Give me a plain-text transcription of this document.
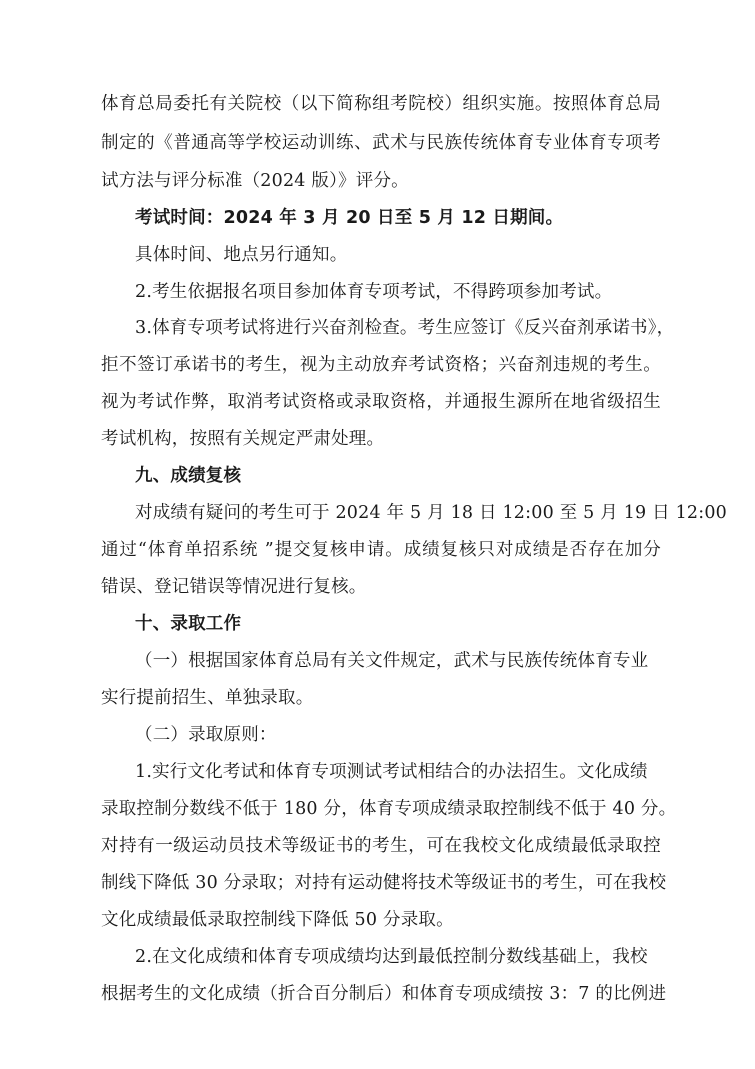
体育总局委托有关院校（以下简称组考院校）组织实施。按照体育总局
制定的《普通高等学校运动训练、武术与民族传统体育专业体育专项考
试方法与评分标准（2024 版）》评分。
考试时间：2024 年 3 月 20 日至 5 月 12 日期间。
具体时间、地点另行通知。
2.考生依据报名项目参加体育专项考试，不得跨项参加考试。
3.体育专项考试将进行兴奋剂检查。考生应签订《反兴奋剂承诺书》，
拒不签订承诺书的考生，视为主动放弃考试资格；兴奋剂违规的考生。
视为考试作弊，取消考试资格或录取资格，并通报生源所在地省级招生
考试机构，按照有关规定严肃处理。
九、成绩复核
对成绩有疑问的考生可于 2024 年 5 月 18 日 12:00 至 5 月 19 日 12:00
通过“体育单招系统 ”提交复核申请。成绩复核只对成绩是否存在加分
错误、登记错误等情况进行复核。
十、录取工作
（一）根据国家体育总局有关文件规定，武术与民族传统体育专业
实行提前招生、单独录取。
（二）录取原则：
1.实行文化考试和体育专项测试考试相结合的办法招生。文化成绩
录取控制分数线不低于 180 分，体育专项成绩录取控制线不低于 40 分。
对持有一级运动员技术等级证书的考生，可在我校文化成绩最低录取控
制线下降低 30 分录取；对持有运动健将技术等级证书的考生，可在我校
文化成绩最低录取控制线下降低 50 分录取。
2.在文化成绩和体育专项成绩均达到最低控制分数线基础上，我校
根据考生的文化成绩（折合百分制后）和体育专项成绩按 3：7 的比例进
